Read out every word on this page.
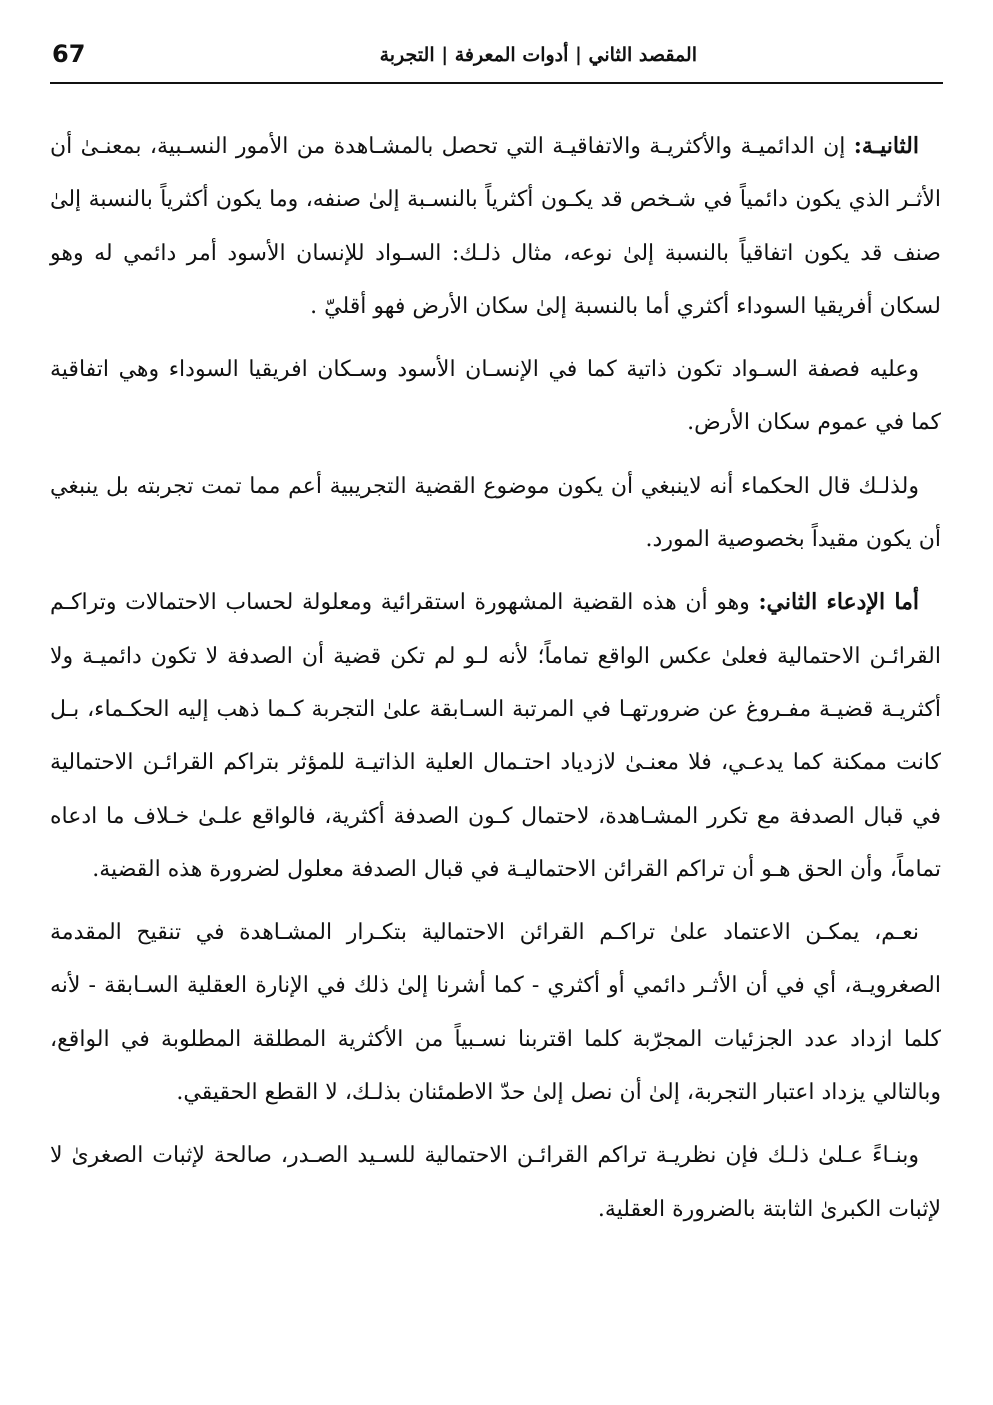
67	المقصد الثاني | أدوات المعرفة | التجربة

الثانيـة: إن الدائميـة والأكثريـة والاتفاقيـة التي تحصل بالمشـاهدة من الأمور النسـبية، بمعنـىٰ أن الأثـر الذي يكون دائمياً في شـخص قد يكـون أكثرياً بالنسـبة إلىٰ صنفه، وما يكون أكثرياً بالنسبة إلىٰ صنف قد يكون اتفاقياً بالنسبة إلىٰ نوعه، مثال ذلـك: السـواد للإنسان الأسود أمر دائمي له وهو لسكان أفريقيا السوداء أكثري أما بالنسبة إلىٰ سكان الأرض فهو أقليّ .

وعليه فصفة السـواد تكون ذاتية كما في الإنسـان الأسود وسـكان افريقيا السوداء وهي اتفاقية كما في عموم سكان الأرض.

ولذلـك قال الحكماء أنه لاينبغي أن يكون موضوع القضية التجريبية أعم مما تمت تجربته بل ينبغي أن يكون مقيداً بخصوصية المورد.

أما الإدعاء الثاني: وهو أن هذه القضية المشهورة استقرائية ومعلولة لحساب الاحتمالات وتراكـم القرائـن الاحتمالية فعلىٰ عكس الواقع تماماً؛ لأنه لـو لم تكن قضية أن الصدفة لا تكون دائميـة ولا أكثريـة قضيـة مفـروغ عن ضرورتهـا في المرتبة السـابقة علىٰ التجربة كـما ذهب إليه الحكـماء، بـل كانت ممكنة كما يدعـي، فلا معنـىٰ لازدياد احتـمال العلية الذاتيـة للمؤثر بتراكم القرائـن الاحتمالية في قبال الصدفة مع تكرر المشـاهدة، لاحتمال كـون الصدفة أكثرية، فالواقع علـىٰ خـلاف ما ادعاه تماماً، وأن الحق هـو أن تراكم القرائن الاحتماليـة في قبال الصدفة معلول لضرورة هذه القضية.

نعـم، يمكـن الاعتماد علىٰ تراكـم القرائن الاحتمالية بتكـرار المشـاهدة في تنقيح المقدمة الصغرويـة، أي في أن الأثـر دائمي أو أكثري - كما أشرنا إلىٰ ذلك في الإنارة العقلية السـابقة - لأنه كلما ازداد عدد الجزئيات المجرّبة كلما اقتربنا نسـبياً من الأكثرية المطلقة المطلوبة في الواقع، وبالتالي يزداد اعتبار التجربة، إلىٰ أن نصل إلىٰ حدّ الاطمئنان بذلـك، لا القطع الحقيقي.

وبنـاءً عـلىٰ ذلـك فإن نظريـة تراكم القرائـن الاحتمالية للسـيد الصـدر، صالحة لإثبات الصغرىٰ لا لإثبات الكبرىٰ الثابتة بالضرورة العقلية.
